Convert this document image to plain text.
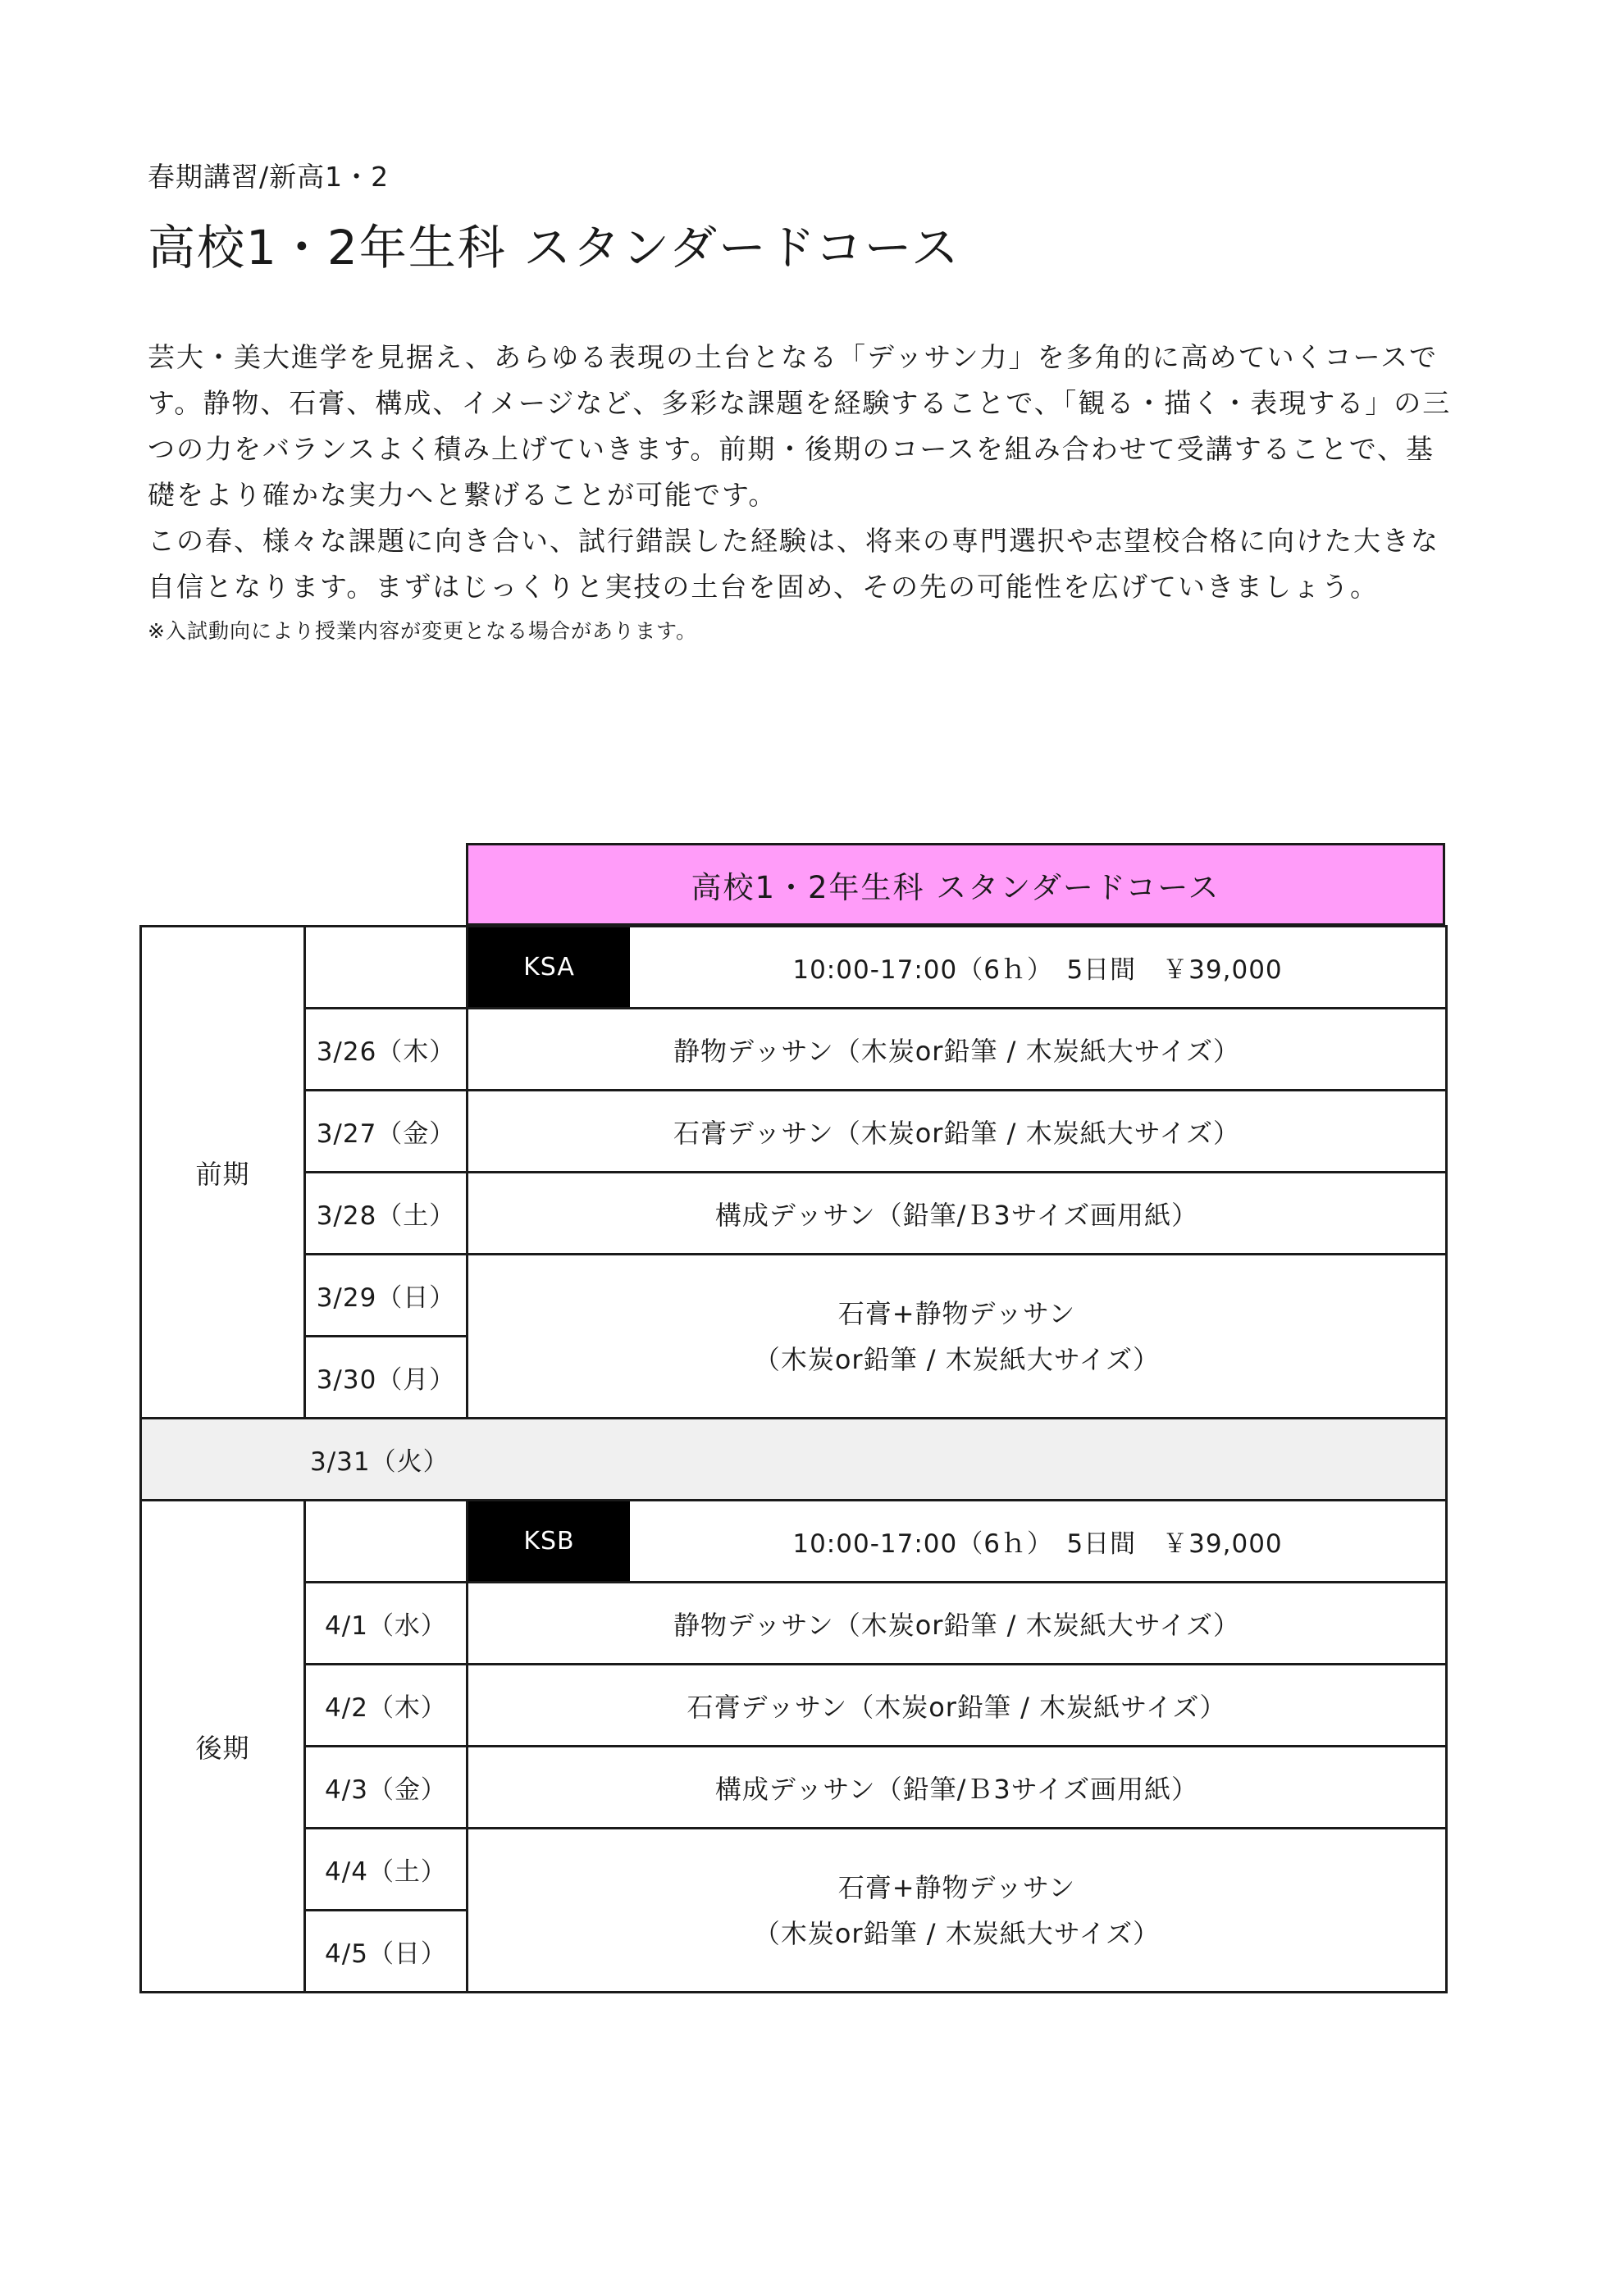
春期講習/新高1・2
高校1・2年生科 スタンダードコース

芸大・美大進学を見据え、あらゆる表現の土台となる「デッサン力」を多角的に高めていくコースです。静物、石膏、構成、イメージなど、多彩な課題を経験することで、「観る・描く・表現する」の三つの力をバランスよく積み上げていきます。前期・後期のコースを組み合わせて受講することで、基礎をより確かな実力へと繋げることが可能です。

この春、様々な課題に向き合い、試行錯誤した経験は、将来の専門選択や志望校合格に向けた大きな自信となります。まずはじっくりと実技の土台を固め、その先の可能性を広げていきましょう。

※入試動向により授業内容が変更となる場合があります。
高校1・2年生科 スタンダードコース
前期		KSA 10:00-17:00（6ｈ）　5日間　￥39,000

	3/26（木）	静物デッサン（木炭or鉛筆 / 木炭紙大サイズ）
	3/27（金）	石膏デッサン（木炭or鉛筆 / 木炭紙大サイズ）
	3/28（土）	構成デッサン（鉛筆/Ｂ3サイズ画用紙）
	3/29（日）	石膏+静物デッサン
（木炭or鉛筆 / 木炭紙大サイズ）

	3/30（月）	
3/31（火）		
後期		KSB 10:00-17:00（6ｈ）　5日間　￥39,000

	4/1（水）	静物デッサン（木炭or鉛筆 / 木炭紙大サイズ）
	4/2（木）	石膏デッサン（木炭or鉛筆 / 木炭紙サイズ）
	4/3（金）	構成デッサン（鉛筆/Ｂ3サイズ画用紙）
	4/4（土）	石膏+静物デッサン
（木炭or鉛筆 / 木炭紙大サイズ）

	4/5（日）	
